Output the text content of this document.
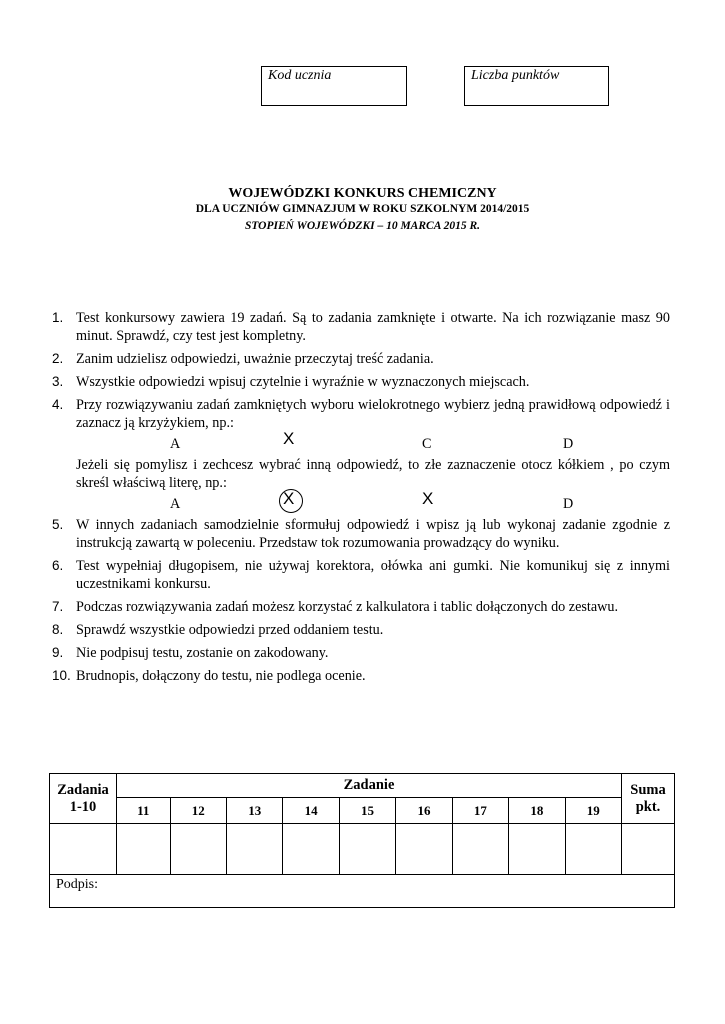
Kod ucznia	Liczba punktów
WOJEWÓDZKI KONKURS CHEMICZNY
DLA UCZNIÓW GIMNAZJUM W ROKU SZKOLNYM 2014/2015
STOPIEŃ WOJEWÓDZKI – 10 MARCA 2015 R.
1. Test konkursowy zawiera 19 zadań. Są to zadania zamknięte i otwarte. Na ich rozwiązanie masz 90 minut. Sprawdź, czy test jest kompletny.
2. Zanim udzielisz odpowiedzi, uważnie przeczytaj treść zadania.
3. Wszystkie odpowiedzi wpisuj czytelnie i wyraźnie w wyznaczonych miejscach.
4. Przy rozwiązywaniu zadań zamkniętych wyboru wielokrotnego wybierz jedną prawidłową odpowiedź i zaznacz ją krzyżykiem, np.:
A	X	C	D
Jeżeli się pomylisz i zechcesz wybrać inną odpowiedź, to złe zaznaczenie otocz kółkiem , po czym skreśl właściwą literę, np.:
A	X	X	D
5. W innych zadaniach samodzielnie sformułuj odpowiedź i wpisz ją lub wykonaj zadanie zgodnie z instrukcją zawartą w poleceniu. Przedstaw tok rozumowania prowadzący do wyniku.
6. Test wypełniaj długopisem, nie używaj korektora, ołówka ani gumki. Nie komunikuj się z innymi uczestnikami konkursu.
7. Podczas rozwiązywania zadań możesz korzystać z kalkulatora i tablic dołączonych do zestawu.
8. Sprawdź wszystkie odpowiedzi przed oddaniem testu.
9. Nie podpisuj testu, zostanie on zakodowany.
10. Brudnopis, dołączony do testu, nie podlega ocenie.
Zadania 1-10	Zadanie									Suma pkt.
	11	12	13	14	15	16	17	18	19	

Podpis:										
